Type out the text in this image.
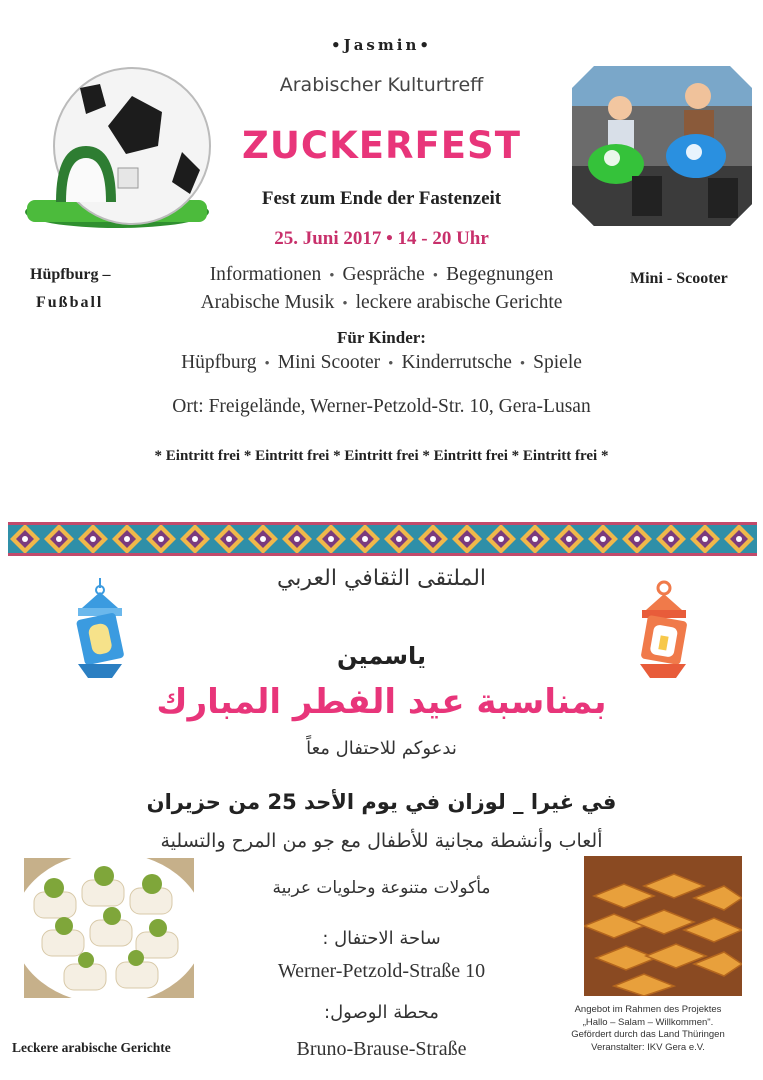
•Jasmin•
Arabischer Kulturtreff
ZUCKERFEST
Fest zum Ende der Fastenzeit
25. Juni 2017 • 14 - 20 Uhr
Hüpfburg –
Fußball
Mini - Scooter
Informationen • Gespräche • Begegnungen
Arabische Musik • leckere arabische Gerichte
Für Kinder:
Hüpfburg • Mini Scooter • Kinderrutsche • Spiele
Ort: Freigelände, Werner-Petzold-Str. 10, Gera-Lusan
* Eintritt frei * Eintritt frei * Eintritt frei * Eintritt frei * Eintritt frei *
الملتقى الثقافي العربي
ياسمين
بمناسبة عيد الفطر المبارك
ندعوكم للاحتفال معاً
في غيرا _ لوزان في يوم الأحد 25 من حزيران
ألعاب وأنشطة مجانية للأطفال مع جو من المرح والتسلية
مأكولات متنوعة وحلويات عربية
ساحة الاحتفال :
Werner-Petzold-Straße 10
محطة الوصول:
Bruno-Brause-Straße
Leckere arabische Gerichte
Angebot im Rahmen des Projektes
„Hallo – Salam – Willkommen".
Gefördert durch das Land Thüringen
Veranstalter: IKV Gera e.V.
